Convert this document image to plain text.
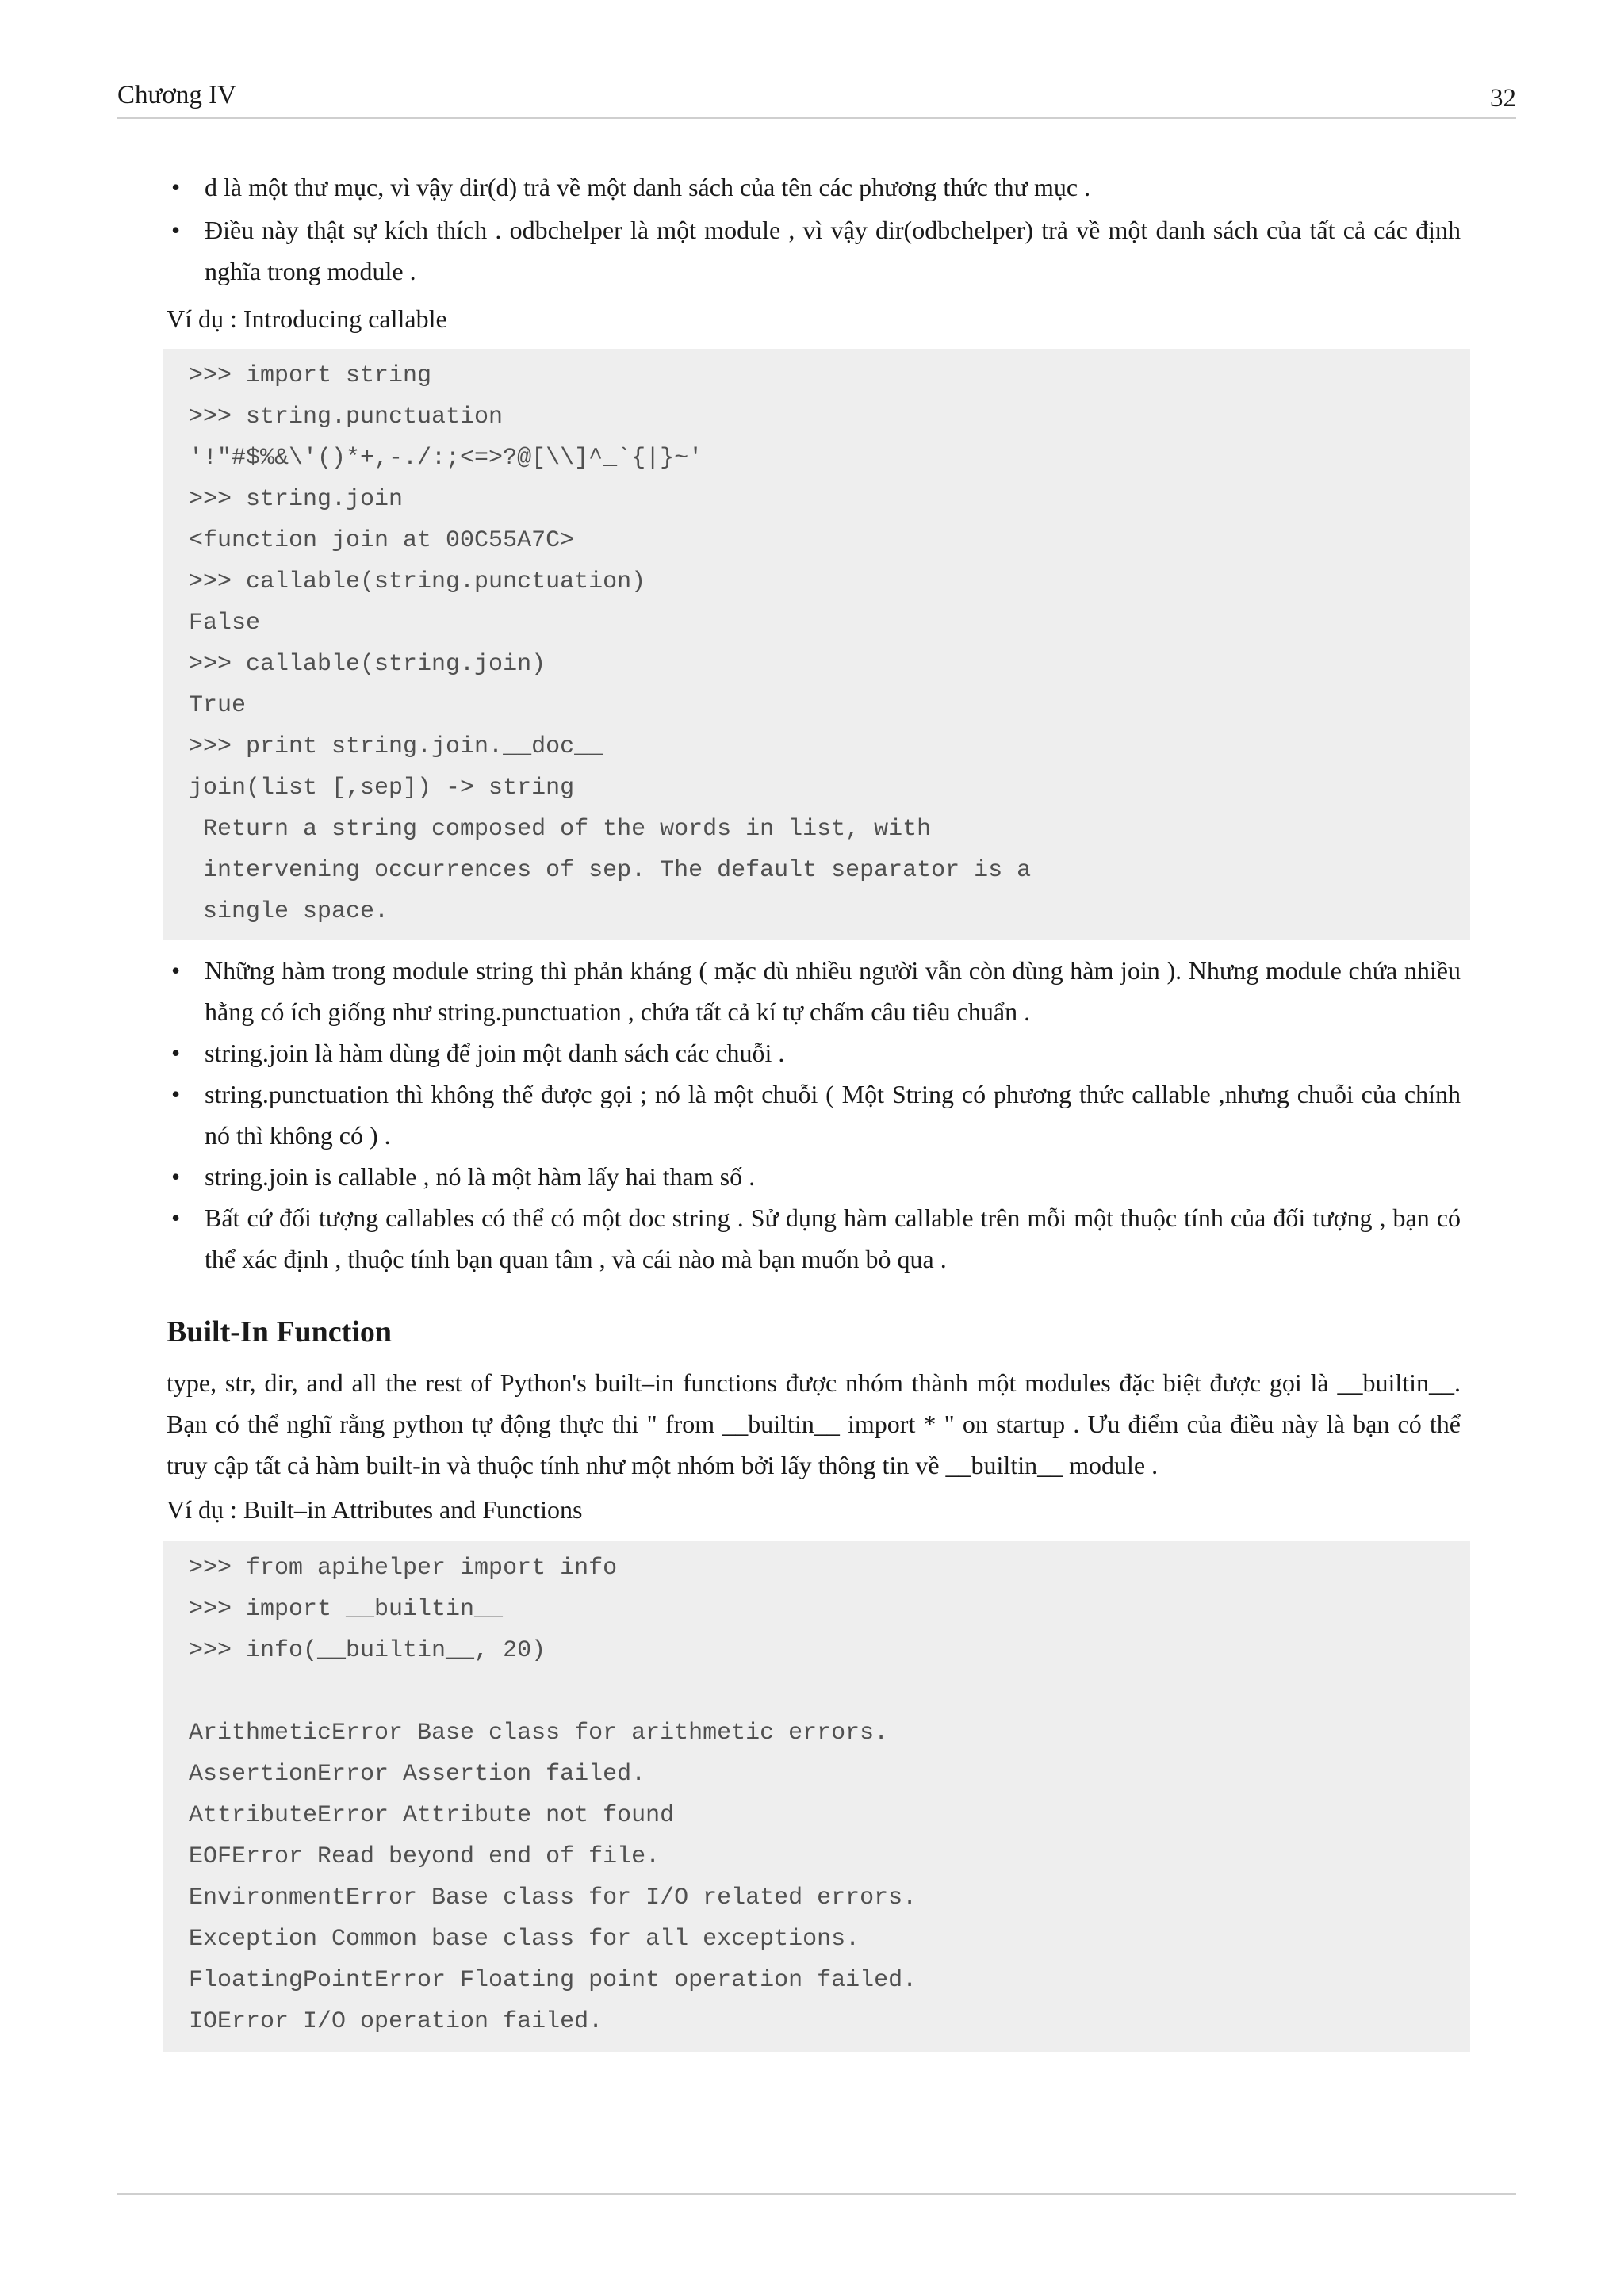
Chương IV	32
• d là một thư mục, vì vậy dir(d) trả về một danh sách của tên các phương thức thư mục .
• Điều này thật sự kích thích . odbchelper là một module , vì vậy dir(odbchelper) trả về một danh sách của tất cả các định nghĩa trong module .
Ví dụ : Introducing callable
>>> import string
>>> string.punctuation
'!"#$%&\'()*+,-./:;<=>?@[\\]^_`{|}~'
>>> string.join
<function join at 00C55A7C>
>>> callable(string.punctuation)
False
>>> callable(string.join)
True
>>> print string.join.__doc__
join(list [,sep]) -> string
Return a string composed of the words in list, with
intervening occurrences of sep. The default separator is a
single space.
• Những hàm trong module string thì phản kháng ( mặc dù nhiều người vẫn còn dùng hàm join ). Nhưng module chứa nhiều hằng có ích giống như string.punctuation , chứa tất cả kí tự chấm câu tiêu chuẩn .
• string.join là hàm dùng để join một danh sách các chuỗi .
• string.punctuation thì không thể được gọi ; nó là một chuỗi ( Một String có phương thức callable ,nhưng chuỗi của chính nó thì không có ) .
• string.join is callable , nó là một hàm lấy hai tham số .
• Bất cứ đối tượng callables có thể có một doc string . Sử dụng hàm callable trên mỗi một thuộc tính của đối tượng , bạn có thể xác định , thuộc tính bạn quan tâm , và cái nào mà bạn muốn bỏ qua .
Built-In Function
type, str, dir, and all the rest of Python's built–in functions được nhóm thành một modules đặc biệt được gọi là __builtin__. Bạn có thể nghĩ rằng python tự động thực thi " from __builtin__ import * " on startup . Ưu điểm của điều này là bạn có thể truy cập tất cả hàm built-in và thuộc tính như một nhóm bởi lấy thông tin về __builtin__ module .
Ví dụ : Built–in Attributes and Functions
>>> from apihelper import info
>>> import __builtin__
>>> info(__builtin__, 20)
ArithmeticError Base class for arithmetic errors.
AssertionError Assertion failed.
AttributeError Attribute not found
EOFError Read beyond end of file.
EnvironmentError Base class for I/O related errors.
Exception Common base class for all exceptions.
FloatingPointError Floating point operation failed.
IOError I/O operation failed.
